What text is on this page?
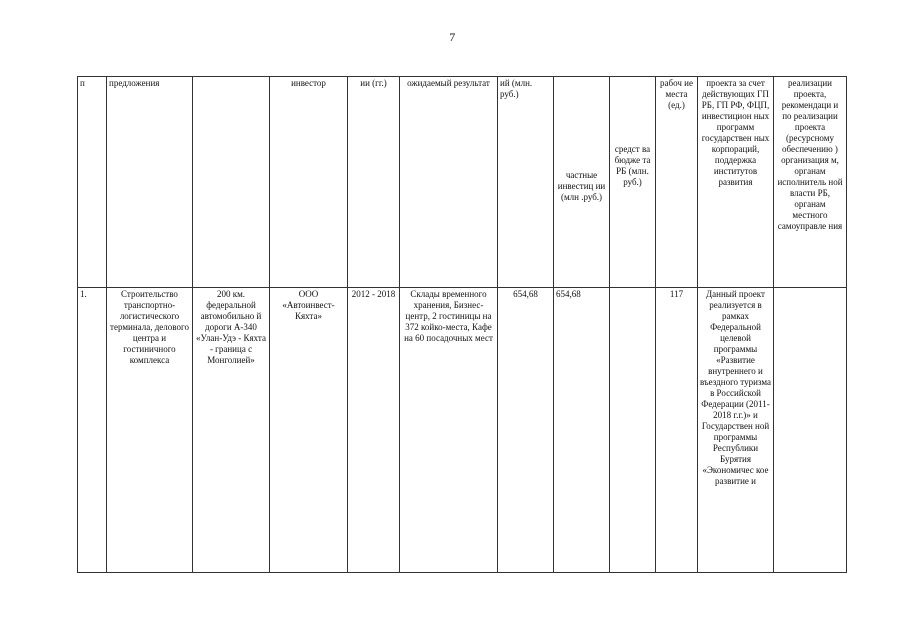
7
п	предложения		инвестор	ии (гг.)	ожидаемый результат	ий (млн. руб.)	частные инвестиц ии (млн .руб.)	средст ва бюдже та РБ (млн. руб.)	рабоч ие места (ед.)	проекта за счет действующих ГП РБ, ГП РФ, ФЦП, инвестицион ных программ государствен ных корпораций, поддержка институтов развития	реализации проекта, рекомендаци и по реализации проекта (ресурсному обеспечению ) организация м, органам исполнитель ной власти РБ, органам местного самоуправле ния
1.	Строительство транспортно-логистического терминала, делового центра и гостиничного комплекса	200 км. федеральной автомобильно й дороги А-340 «Улан-Удэ - Кяхта - граница с Монголией»	ООО «Автоинвест-Кяхта»	2012 - 2018	Склады временного хранения, Бизнес-центр, 2 гостиницы на 372 койко-места, Кафе на 60 посадочных мест	654,68	654,68		117	Данный проект реализуется в рамках Федеральной целевой программы «Развитие внутреннего и въездного туризма в Российской Федерации (2011-2018 г.г.)» и Государствен ной программы Республики Бурятия «Экономичес кое развитие и	
